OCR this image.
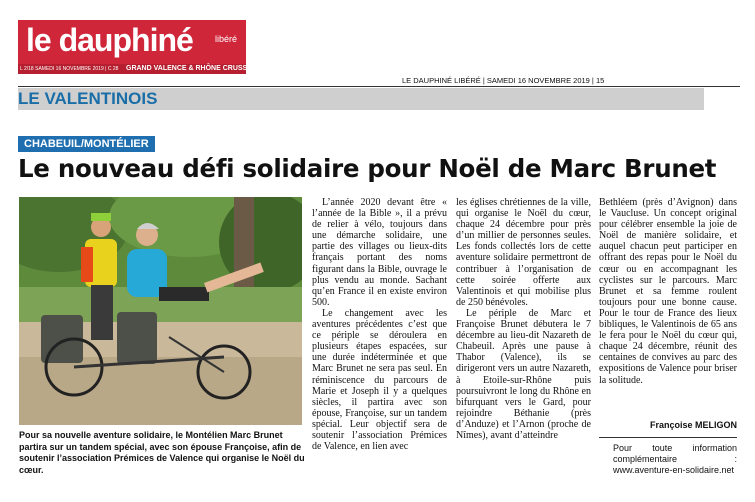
le dauphiné libéré
L 2/18 SAMEDI 16 NOVEMBRE 2019 | C 28 GRAND VALENCE & RHÔNE CRUSSOL
LE DAUPHINÉ LIBÉRÉ | SAMEDI 16 NOVEMBRE 2019 | 15
LE VALENTINOIS
CHABEUIL/MONTÉLIER
Le nouveau défi solidaire pour Noël de Marc Brunet
Pour sa nouvelle aventure solidaire, le Montélien Marc Brunet partira sur un tandem spécial, avec son épouse Françoise, afin de soutenir l’association Prémices de Valence qui organise le Noël du cœur.

L’année 2020 devant être « l’année de la Bible », il a prévu de relier à vélo, toujours dans une démarche solidaire, une partie des villages ou lieux-dits français portant des noms figurant dans la Bible, ouvrage le plus vendu au monde. Sachant qu’en France il en existe environ 500.

Le changement avec les aventures précédentes c’est que ce périple se déroulera en plusieurs étapes espacées, sur une durée indéterminée et que Marc Brunet ne sera pas seul. En réminiscence du parcours de Marie et Joseph il y a quelques siècles, il partira avec son épouse, Françoise, sur un tandem spécial. Leur objectif sera de soutenir l’association Prémices de Valence, en lien avec

les églises chrétiennes de la ville, qui organise le Noël du cœur, chaque 24 décembre pour près d’un millier de personnes seules. Les fonds collectés lors de cette aventure solidaire permettront de contribuer à l’organisation de cette soirée offerte aux Valentinois et qui mobilise plus de 250 bénévoles.

Le périple de Marc et Françoise Brunet débutera le 7 décembre au lieu-dit Nazareth de Chabeuil. Après une pause à Thabor (Valence), ils se dirigeront vers un autre Nazareth, à Etoile-sur-Rhône puis poursuivront le long du Rhône en bifurquant vers le Gard, pour rejoindre Béthanie (près d’Anduze) et l’Arnon (proche de Nîmes), avant d’atteindre

Bethléem (près d’Avignon) dans le Vaucluse. Un concept original pour célébrer ensemble la joie de Noël de manière solidaire, et auquel chacun peut participer en offrant des repas pour le Noël du cœur ou en accompagnant les cyclistes sur le parcours. Marc Brunet et sa femme roulent toujours pour une bonne cause. Pour le tour de France des lieux bibliques, le Valentinois de 65 ans le fera pour le Noël du cœur qui, chaque 24 décembre, réunit des centaines de convives au parc des expositions de Valence pour briser la solitude.

Françoise MELIGON
Pour toute information complémentaire : www.aventure-en-solidaire.net
